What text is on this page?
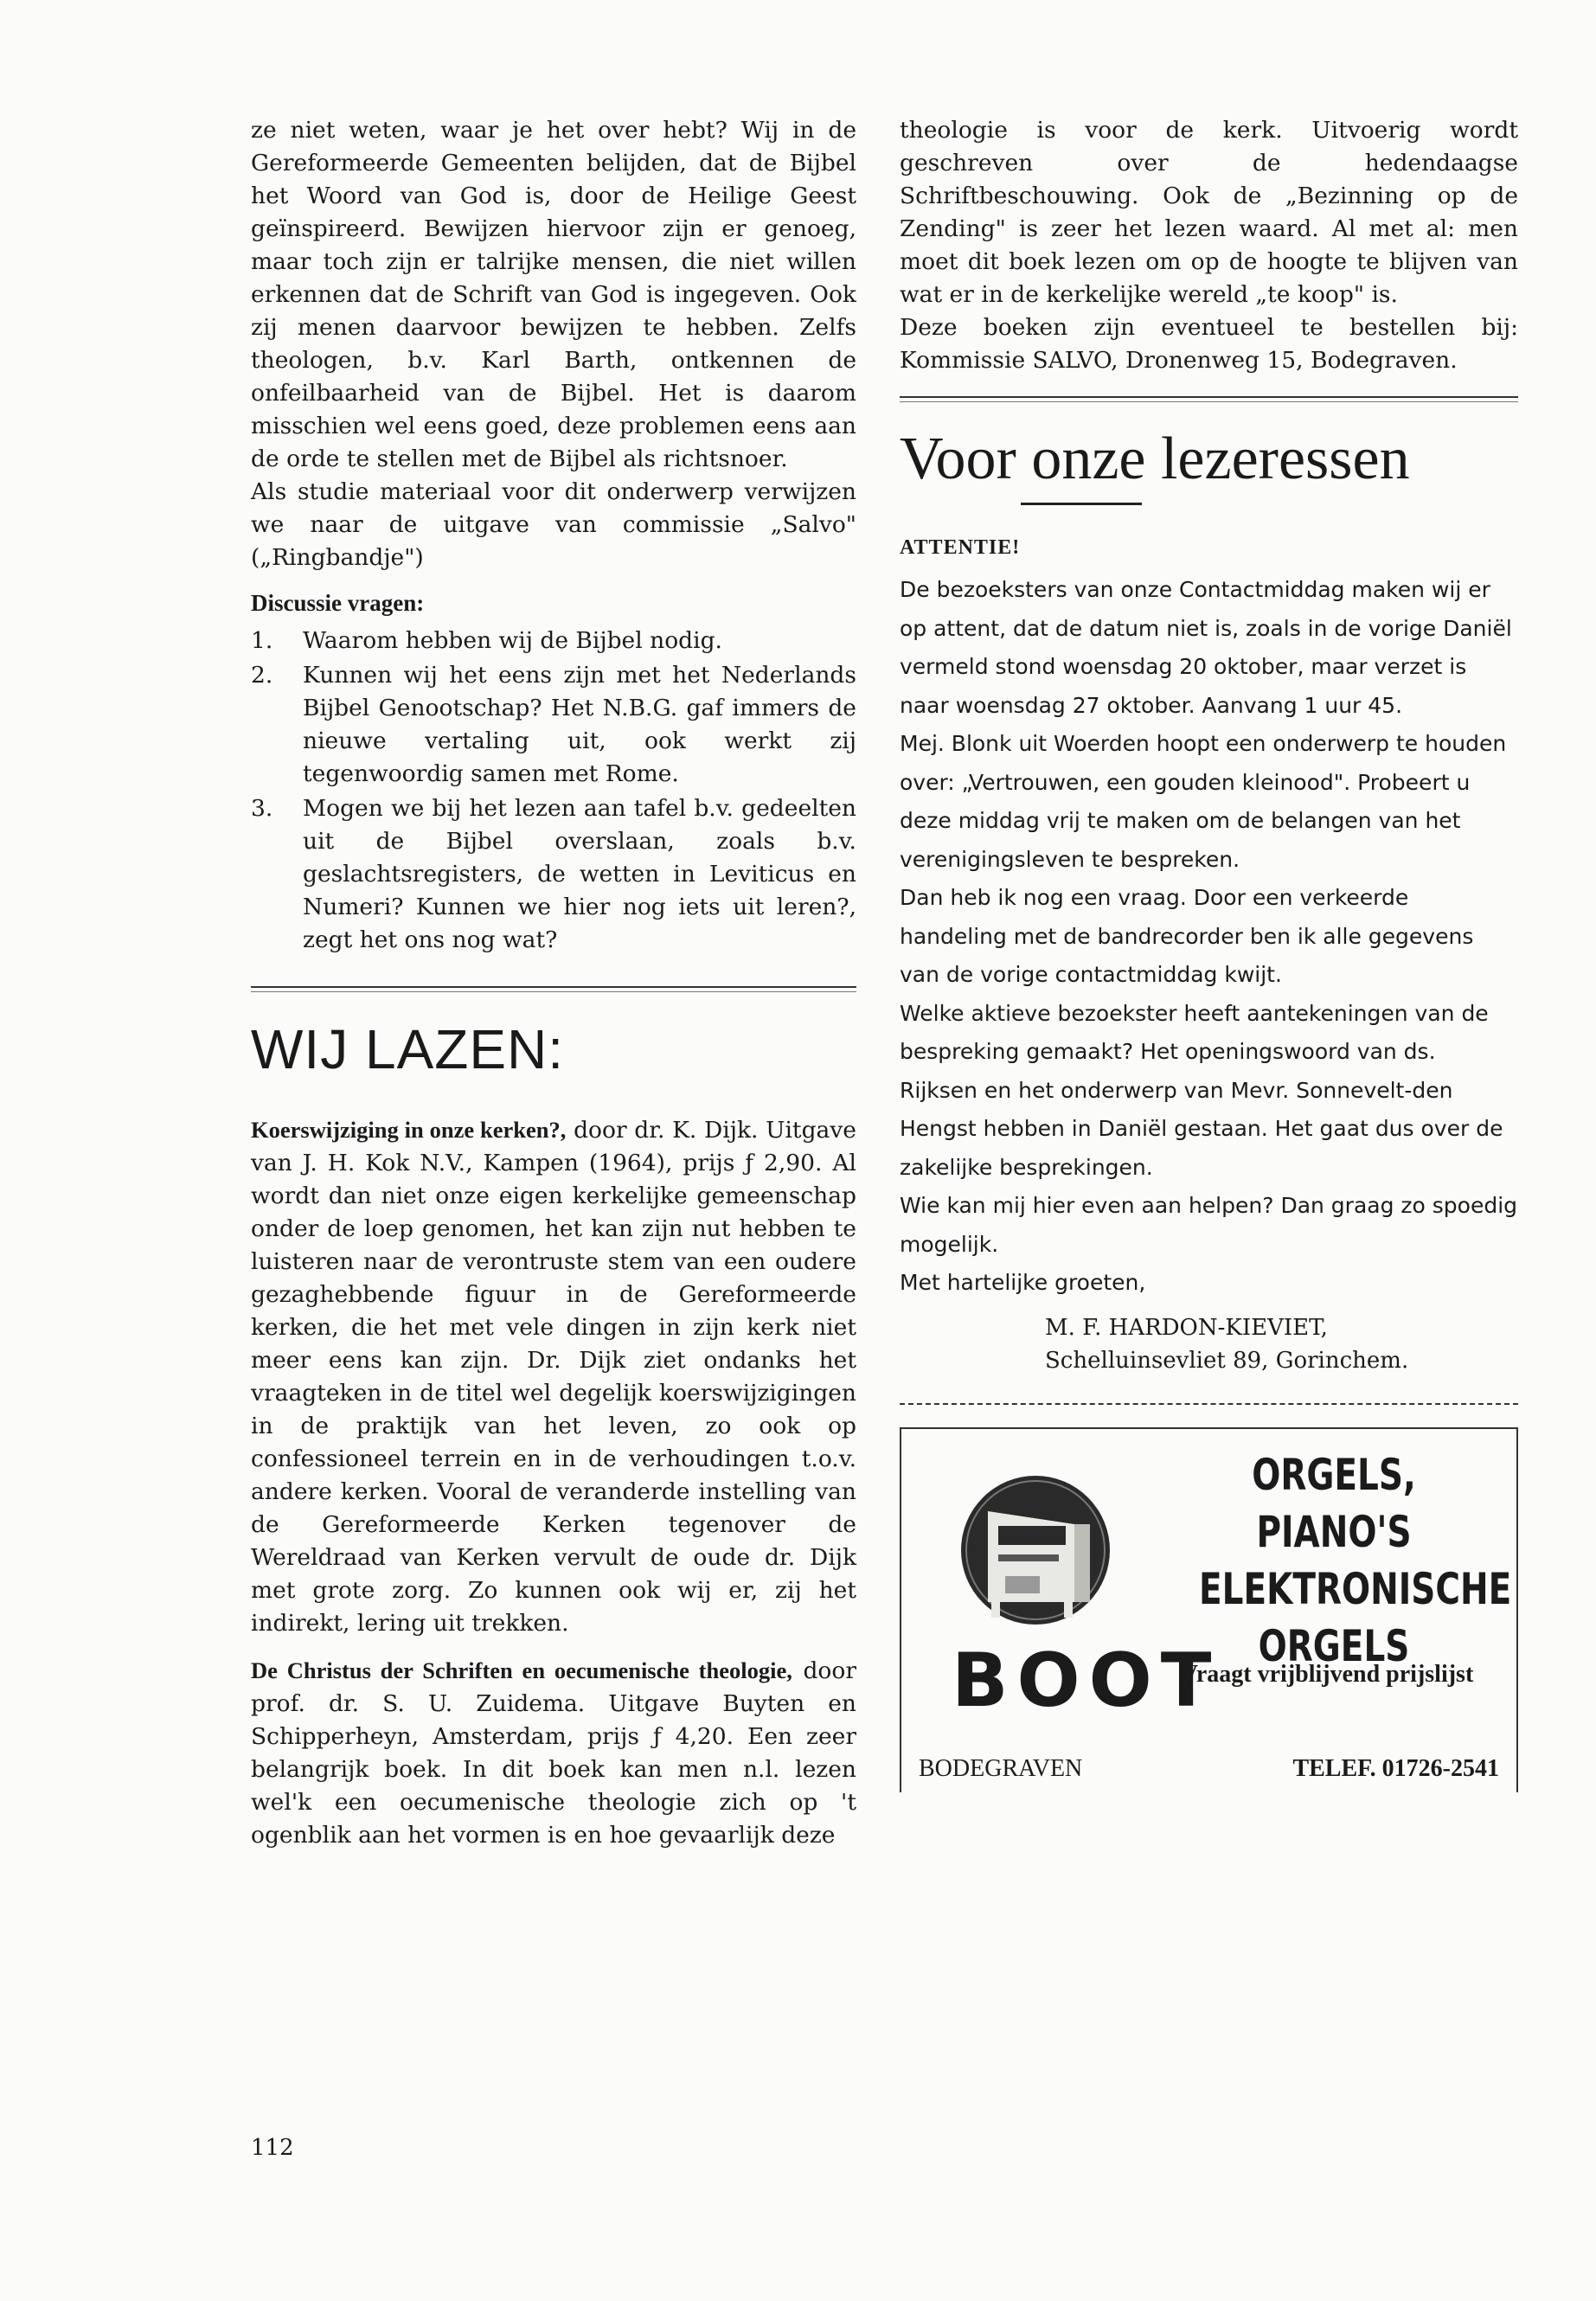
ze niet weten, waar je het over hebt? Wij in de Gereformeerde Gemeenten belijden, dat de Bijbel het Woord van God is, door de Heilige Geest geïnspireerd. Bewijzen hiervoor zijn er genoeg, maar toch zijn er talrijke mensen, die niet willen erkennen dat de Schrift van God is ingegeven. Ook zij menen daarvoor bewijzen te hebben. Zelfs theologen, b.v. Karl Barth, ontkennen de onfeilbaarheid van de Bijbel. Het is daarom misschien wel eens goed, deze problemen eens aan de orde te stellen met de Bijbel als richtsnoer.

Als studie materiaal voor dit onderwerp verwijzen we naar de uitgave van commissie „Salvo" („Ringbandje")

Discussie vragen:
1.	Waarom hebben wij de Bijbel nodig.
2.	Kunnen wij het eens zijn met het Nederlands Bijbel Genootschap? Het N.B.G. gaf immers de nieuwe vertaling uit, ook werkt zij tegenwoordig samen met Rome.
3.	Mogen we bij het lezen aan tafel b.v. gedeelten uit de Bijbel overslaan, zoals b.v. geslachtsregisters, de wetten in Leviticus en Numeri? Kunnen we hier nog iets uit leren?, zegt het ons nog wat?
WIJ LAZEN:

Koerswijziging in onze kerken?, door dr. K. Dijk. Uitgave van J. H. Kok N.V., Kampen (1964), prijs ƒ 2,90. Al wordt dan niet onze eigen kerkelijke gemeenschap onder de loep genomen, het kan zijn nut hebben te luisteren naar de verontruste stem van een oudere gezaghebbende figuur in de Gereformeerde kerken, die het met vele dingen in zijn kerk niet meer eens kan zijn. Dr. Dijk ziet ondanks het vraagteken in de titel wel degelijk koerswijzigingen in de praktijk van het leven, zo ook op confessioneel terrein en in de verhoudingen t.o.v. andere kerken. Vooral de veranderde instelling van de Gereformeerde Kerken tegenover de Wereldraad van Kerken vervult de oude dr. Dijk met grote zorg. Zo kunnen ook wij er, zij het indirekt, lering uit trekken.

De Christus der Schriften en oecumenische theologie, door prof. dr. S. U. Zuidema. Uitgave Buyten en Schipperheyn, Amsterdam, prijs ƒ 4,20. Een zeer belangrijk boek. In dit boek kan men n.l. lezen wel'k een oecumenische theologie zich op 't ogenblik aan het vormen is en hoe gevaarlijk deze

theologie is voor de kerk. Uitvoerig wordt geschreven over de hedendaagse Schriftbeschouwing. Ook de „Bezinning op de Zending" is zeer het lezen waard. Al met al: men moet dit boek lezen om op de hoogte te blijven van wat er in de kerkelijke wereld „te koop" is.

Deze boeken zijn eventueel te bestellen bij: Kommissie SALVO, Dronenweg 15, Bodegraven.

Voor onze lezeressen
ATTENTIE!

De bezoeksters van onze Contactmiddag maken wij er op attent, dat de datum niet is, zoals in de vorige Daniël vermeld stond woensdag 20 oktober, maar verzet is naar woensdag 27 oktober. Aanvang 1 uur 45.

Mej. Blonk uit Woerden hoopt een onderwerp te houden over: „Vertrouwen, een gouden kleinood". Probeert u deze middag vrij te maken om de belangen van het verenigingsleven te bespreken.

Dan heb ik nog een vraag. Door een verkeerde handeling met de bandrecorder ben ik alle gegevens van de vorige contactmiddag kwijt.

Welke aktieve bezoekster heeft aantekeningen van de bespreking gemaakt? Het openingswoord van ds. Rijksen en het onderwerp van Mevr. Sonnevelt-den Hengst hebben in Daniël gestaan. Het gaat dus over de zakelijke besprekingen.

Wie kan mij hier even aan helpen? Dan graag zo spoedig mogelijk.

Met hartelijke groeten,

M. F. HARDON-KIEVIET,
Schelluinsevliet 89, Gorinchem.
BOOT
ORGELS, PIANO'S
ELEKTRONISCHE
ORGELS
Vraagt vrijblijvend prijslijst
BODEGRAVEN	TELEF. 01726-2541
112
